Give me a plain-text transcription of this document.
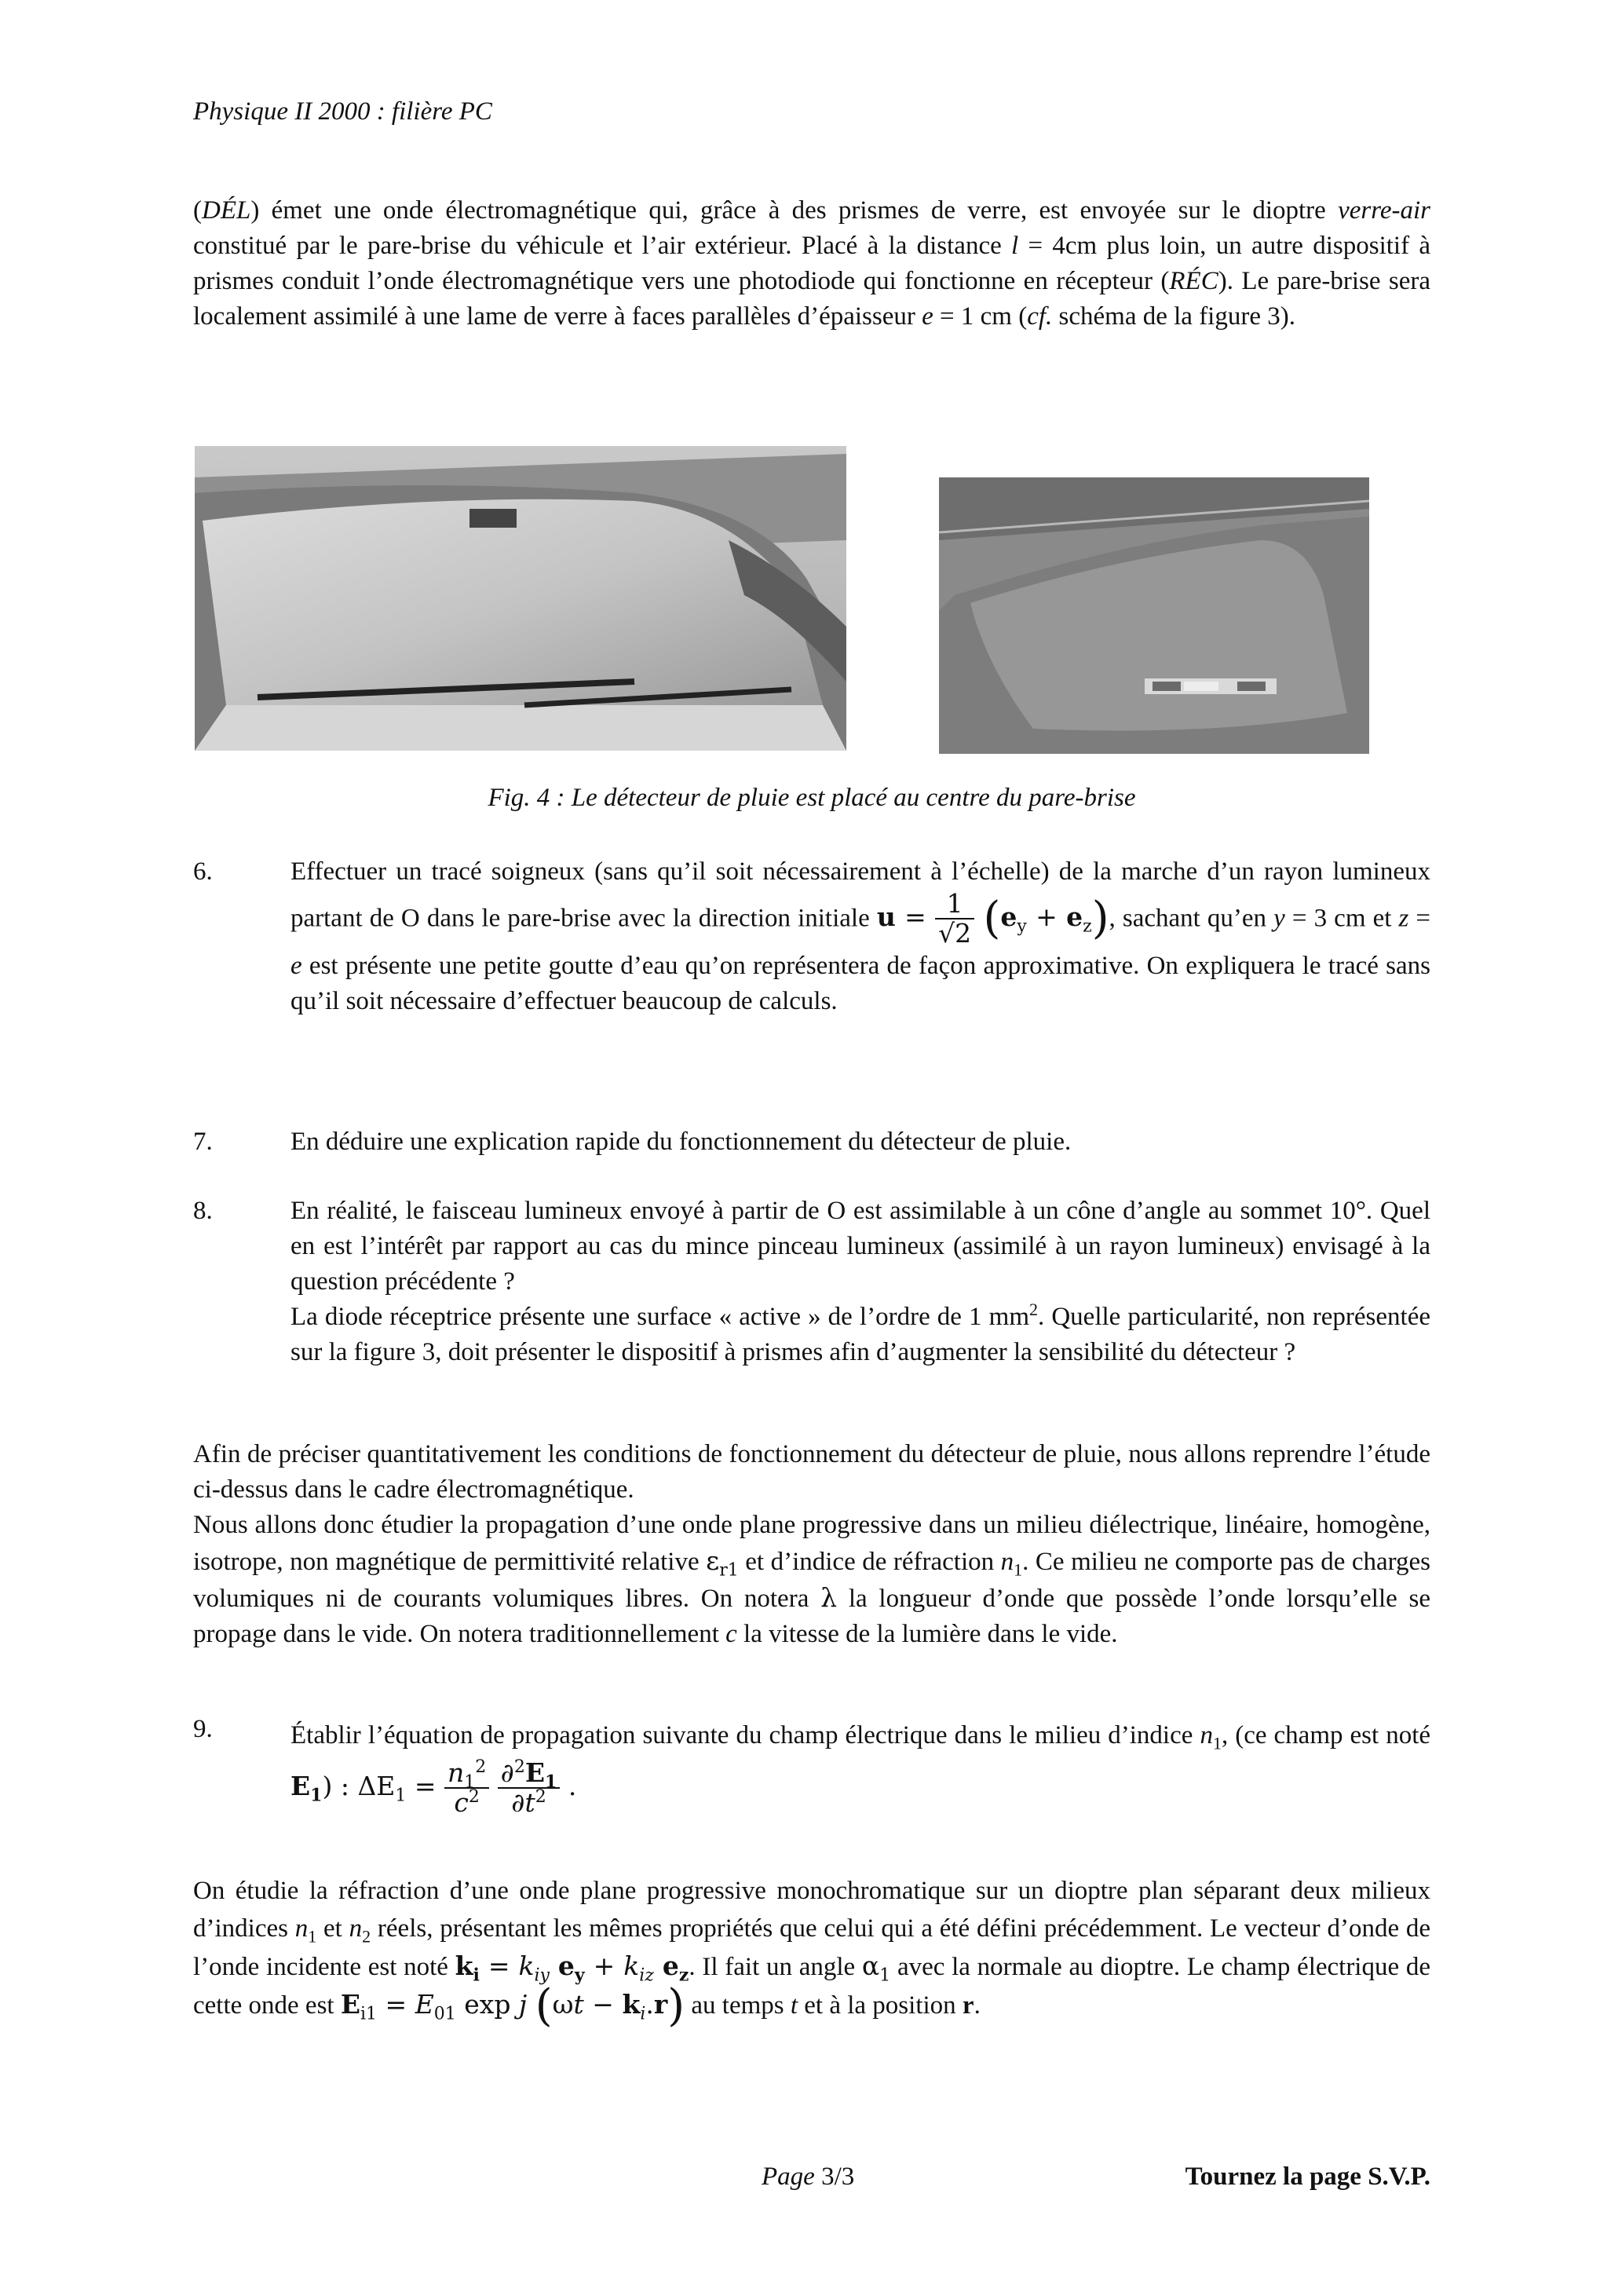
Physique II 2000 : filière PC
(DÉL) émet une onde électromagnétique qui, grâce à des prismes de verre, est envoyée sur le dioptre verre-air constitué par le pare-brise du véhicule et l’air extérieur. Placé à la distance l = 4cm plus loin, un autre dispositif à prismes conduit l’onde électromagnétique vers une photodiode qui fonctionne en récepteur (RÉC). Le pare-brise sera localement assimilé à une lame de verre à faces parallèles d’épaisseur e = 1 cm (cf. schéma de la figure 3).
Fig. 4 : Le détecteur de pluie est placé au centre du pare-brise
6.	Effectuer un tracé soigneux (sans qu’il soit nécessairement à l’échelle) de la marche d’un rayon lumineux partant de O dans le pare-brise avec la direction initiale $u = \frac{1}{√2} (e_y + e_z)$, sachant qu’en y = 3 cm et z = e est présente une petite goutte d’eau qu’on représentera de façon approximative. On expliquera le tracé sans qu’il soit nécessaire d’effectuer beaucoup de calculs.
7.	En déduire une explication rapide du fonctionnement du détecteur de pluie.
8.	En réalité, le faisceau lumineux envoyé à partir de O est assimilable à un cône d’angle au sommet 10°. Quel en est l’intérêt par rapport au cas du mince pinceau lumineux (assimilé à un rayon lumineux) envisagé à la question précédente ?
La diode réceptrice présente une surface « active » de l’ordre de 1 $mm^2$. Quelle particularité, non représentée sur la figure 3, doit présenter le dispositif à prismes afin d’augmenter la sensibilité du détecteur ?
Afin de préciser quantitativement les conditions de fonctionnement du détecteur de pluie, nous allons reprendre l’étude ci-dessus dans le cadre électromagnétique.
Nous allons donc étudier la propagation d’une onde plane progressive dans un milieu diélectrique, linéaire, homogène, isotrope, non magnétique de permittivité relative $\varepsilon_{r1}$ et d’indice de réfraction $n_1$. Ce milieu ne comporte pas de charges volumiques ni de courants volumiques libres. On notera λ la longueur d’onde que possède l’onde lorsqu’elle se propage dans le vide. On notera traditionnellement c la vitesse de la lumière dans le vide.
9.	Établir l’équation de propagation suivante du champ électrique dans le milieu d’indice $n_1$, (ce champ est noté $E_1$) : $\Delta E_1 = \frac{n_1^2}{c^2}$
$\frac{\partial^2E_1}{\partial t^2}$ .
On étudie la réfraction d’une onde plane progressive monochromatique sur un dioptre plan séparant deux milieux d’indices $n_1$ et $n_2$ réels, présentant les mêmes propriétés que celui qui a été défini précédemment. Le vecteur d’onde de l’onde incidente est noté $k_i = k_{iy}$ $e_y + k_{iz}$ $e_z$. Il fait un angle $\alpha_1$ avec la normale au dioptre. Le champ électrique de cette onde est $E_{i1} = E_{01}$ exp j $(\omega t - k_i.r)$ au temps t et à la position r.
Page 3/3	Tournez la page S.V.P.
